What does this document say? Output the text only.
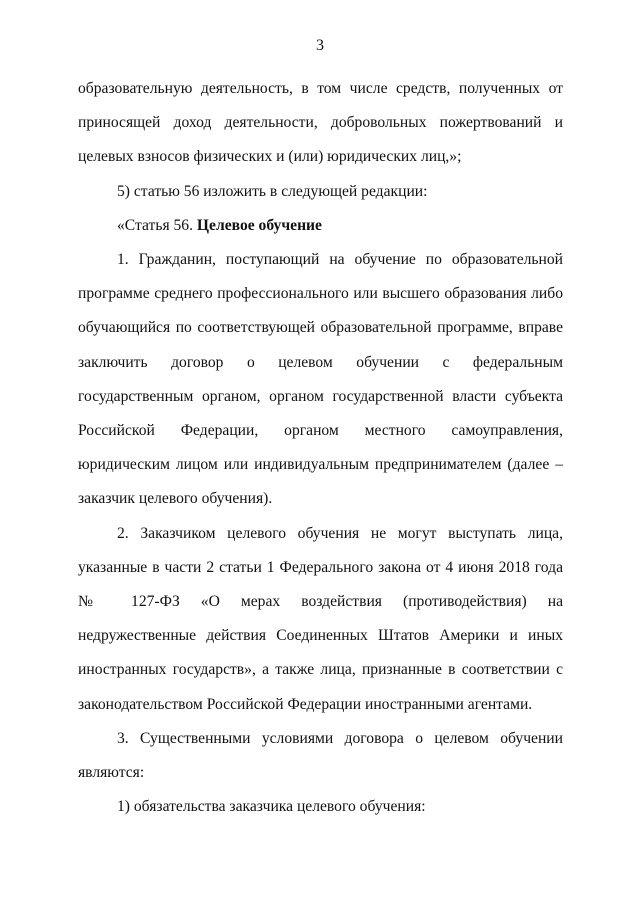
3

образовательную деятельность, в том числе средств, полученных от приносящей доход деятельности, добровольных пожертвований и целевых взносов физических и (или) юридических лиц,»;

5) статью 56 изложить в следующей редакции:

«Статья 56. Целевое обучение

1. Гражданин, поступающий на обучение по образовательной программе среднего профессионального или высшего образования либо обучающийся по соответствующей образовательной программе, вправе заключить договор о целевом обучении с федеральным государственным органом, органом государственной власти субъекта Российской Федерации, органом местного самоуправления, юридическим лицом или индивидуальным предпринимателем (далее – заказчик целевого обучения).

2. Заказчиком целевого обучения не могут выступать лица, указанные в части 2 статьи 1 Федерального закона от 4 июня 2018 года № 127-ФЗ «О мерах воздействия (противодействия) на недружественные действия Соединенных Штатов Америки и иных иностранных государств», а также лица, признанные в соответствии с законодательством Российской Федерации иностранными агентами.

3. Существенными условиями договора о целевом обучении являются:

1) обязательства заказчика целевого обучения:
